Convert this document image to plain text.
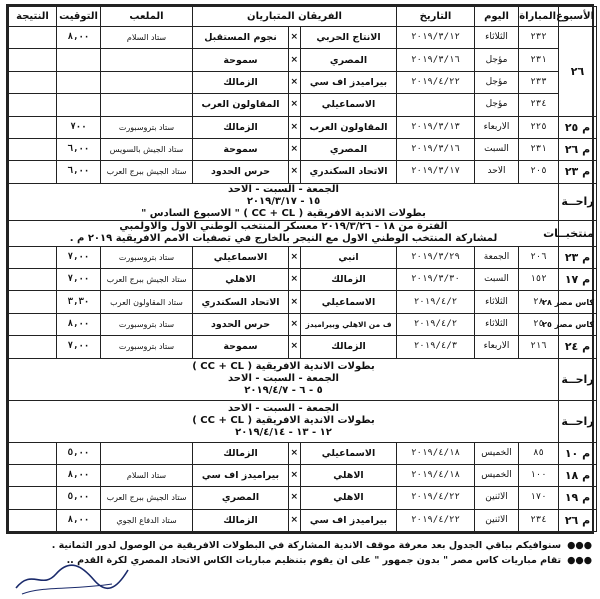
الأسبوع	المباراة	اليوم	التاريخ	الفريقان المتباريان			الملعب	التوقيت	النتيجة
٢٦	٢٣٢	الثلاثاء	٢٠١٩/٣/١٢	الانتاج الحربي	×	نجوم المستقبل	ستاد السلام	٨,٠٠	
	٢٣١	مؤجل	٢٠١٩/٣/١٦	المصري	×	سموحة			
	٢٣٣	مؤجل	٢٠١٩/٤/٢٢	بيراميدز اف سي	×	الزمالك			
	٢٣٤	مؤجل		الاسماعيلي	×	المقاولون العرب			
م ٢٥	٢٢٥	الاربعاء	٢٠١٩/٣/١٣	المقاولون العرب	×	الزمالك	ستاد بتروسبورت	٧٠٠	
م ٢٦	٢٣١	السبت	٢٠١٩/٣/١٦	المصري	×	سموحة	ستاد الجيش بالسويس	٦,٠٠	
م ٢٣	٢٠٥	الاحد	٢٠١٩/٣/١٧	الاتحاد السكندري	×	حرس الحدود	ستاد الجيش ببرج العرب	٦,٠٠	
راحــة	الجمعة - السبت - الاحد
١٥ - ٢٠١٩/٣/١٧
بطولات الاندية الافريقية ( CC + CL ) " الاسبوع السادس "								

منتخبــات	الفترة من ١٨ - ٢٠١٩/٣/٢٦ معسكر المنتخب الوطني الاول والاولمبي
لمشاركة المنتخب الوطني الاول مع النيجر بالخارج في تصفيات الامم الافريقية ٢٠١٩ م .								

م ٢٣	٢٠٦	الجمعة	٢٠١٩/٣/٢٩	انبي	×	الاسماعيلي	ستاد بتروسبورت	٧,٠٠	
م ١٧	١٥٢	السبت	٢٠١٩/٣/٣٠	الزمالك	×	الاهلي	ستاد الجيش ببرج العرب	٧,٠٠	
كاس مصر ٢٨	٢٨	الثلاثاء	٢٠١٩/٤/٢	الاسماعيلي	×	الاتحاد السكندري	ستاد المقاولون العرب	٣,٣٠	
كاس مصر ٢٥	٢٥	الثلاثاء	٢٠١٩/٤/٢	ف من الاهلي وبيراميدز	×	حرس الحدود	ستاد بتروسبورت	٨,٠٠	
م ٢٤	٢١٦	الاربعاء	٢٠١٩/٤/٣	الزمالك	×	سموحة	ستاد بتروسبورت	٧,٠٠	
راحــة	بطولات الاندية الافريقية ( CC + CL )
الجمعة - السبت - الاحد
٥ - ٦ - ٢٠١٩/٤/٧								

راحــة	الجمعة - السبت - الاحد
بطولات الاندية الافريقية ( CC + CL )
١٢ - ١٣ - ٢٠١٩/٤/١٤								

م ١٠	٨٥	الخميس	٢٠١٩/٤/١٨	الاسماعيلي	×	الزمالك		٥,٠٠	
م ١٨	١٠٠	الخميس	٢٠١٩/٤/١٨	الاهلي	×	بيراميدز اف سي	ستاد السلام	٨,٠٠	
م ١٩	١٧٠	الاثنين	٢٠١٩/٤/٢٢	الاهلي	×	المصري	ستاد الجيش ببرج العرب	٥,٠٠	
م ٢٦	٢٣٤	الاثنين	٢٠١٩/٤/٢٢	بيراميدز اف سي	×	الزمالك	ستاد الدفاع الجوي	٨,٠٠	
●●●
سنوافيكم بباقي الجدول بعد معرفة موقف الاندية المشاركة في البطولات الافريقية من الوصول لدور الثمانية .
●●●
تقام مباريات كاس مصر " بدون جمهور " على ان يقوم بتنظيم مباريات الكاس الاتحاد المصري لكرة القدم ..
